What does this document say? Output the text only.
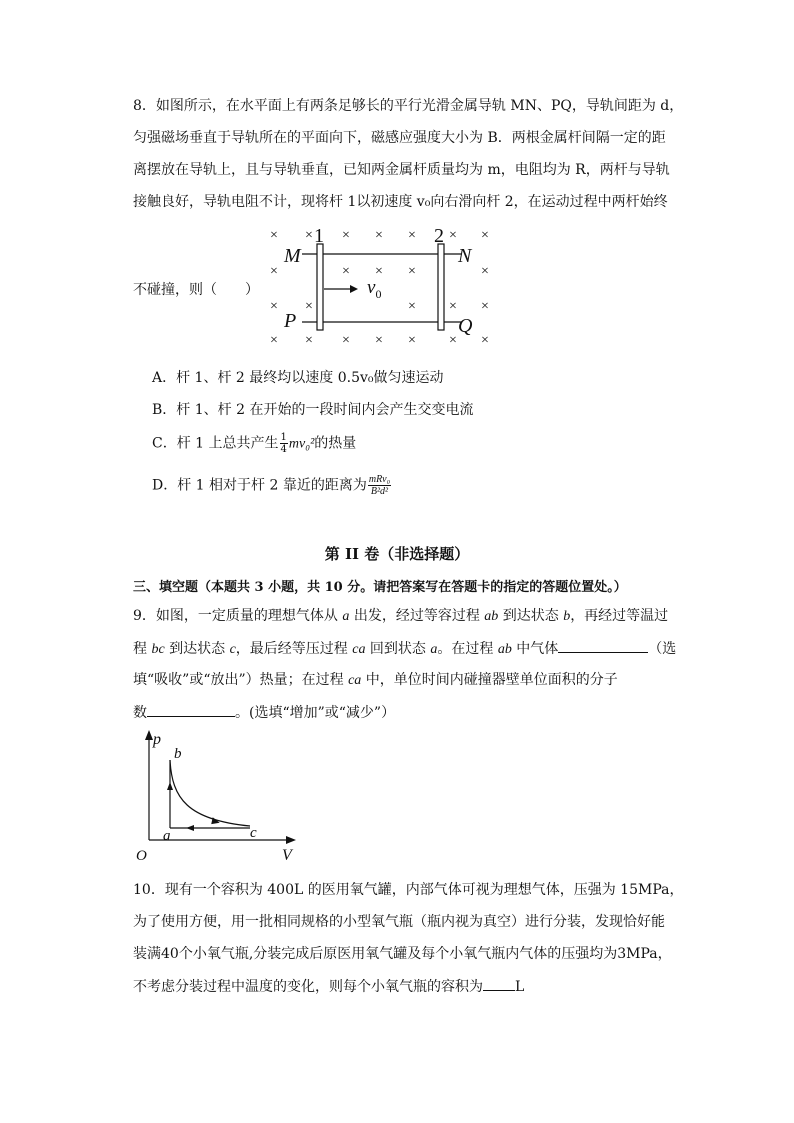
8．如图所示，在水平面上有两条足够长的平行光滑金属导轨 MN、PQ，导轨间距为 d，
匀强磁场垂直于导轨所在的平面向下，磁感应强度大小为 B．两根金属杆间隔一定的距
离摆放在导轨上，且与导轨垂直，已知两金属杆质量均为 m，电阻均为 R，两杆与导轨
接触良好，导轨电阻不计，现将杆 1以初速度 v₀向右滑向杆 2，在运动过程中两杆始终
不碰撞，则（　　）
× × × × × × ×
×	× × ×	×
× ×	× × ×
× × × × × × ×
1	2
M	N
P	Q
$v_0$
A．杆 1、杆 2 最终均以速度 0.5v₀做匀速运动
B．杆 1、杆 2 在开始的一段时间内会产生交变电流
C．杆 1 上总共产生 $\frac{1}{4} mv_0^2$的热量
D．杆 1 相对于杆 2 靠近的距离为 $\frac{\text{mRv₀}}{\text{B²d²}}$
第 II 卷（非选择题）
三、填空题（本题共 3 小题，共 10 分。请把答案写在答题卡的指定的答题位置处。）
9．如图，一定质量的理想气体从 a 出发，经过等容过程 ab 到达状态 b，再经过等温过
程 bc 到达状态 c，最后经等压过程 ca 回到状态 a。在过程 ab 中气体	（选
填“吸收”或“放出”）热量；在过程 ca 中，单位时间内碰撞器壁单位面积的分子
数	。(选填“增加”或“减少”）
p
V
O
b
a	c
10．现有一个容积为 400L 的医用氧气罐，内部气体可视为理想气体，压强为 15MPa，
为了使用方便，用一批相同规格的小型氧气瓶（瓶内视为真空）进行分装，发现恰好能
装满40个小氧气瓶,分装完成后原医用氧气罐及每个小氧气瓶内气体的压强均为3MPa，
不考虑分装过程中温度的变化，则每个小氧气瓶的容积为 L
